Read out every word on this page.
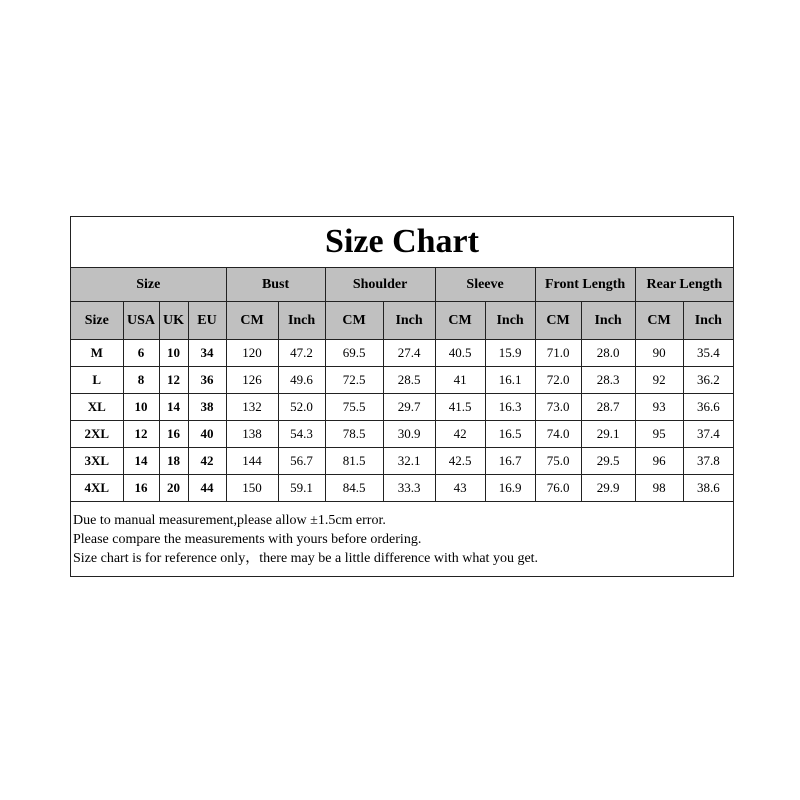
Size Chart
Size				Bust		Shoulder		Sleeve		Front Length		Rear Length	
Size	USA	UK	EU	CM	Inch	CM	Inch	CM	Inch	CM	Inch	CM	Inch
M	6	10	34	120	47.2	69.5	27.4	40.5	15.9	71.0	28.0	90	35.4
L	8	12	36	126	49.6	72.5	28.5	41	16.1	72.0	28.3	92	36.2
XL	10	14	38	132	52.0	75.5	29.7	41.5	16.3	73.0	28.7	93	36.6
2XL	12	16	40	138	54.3	78.5	30.9	42	16.5	74.0	29.1	95	37.4
3XL	14	18	42	144	56.7	81.5	32.1	42.5	16.7	75.0	29.5	96	37.8
4XL	16	20	44	150	59.1	84.5	33.3	43	16.9	76.0	29.9	98	38.6
Due to manual measurement,please allow ±1.5cm error.
Please compare the measurements with yours before ordering.
Size chart is for reference only，there may be a little difference with what you get.
